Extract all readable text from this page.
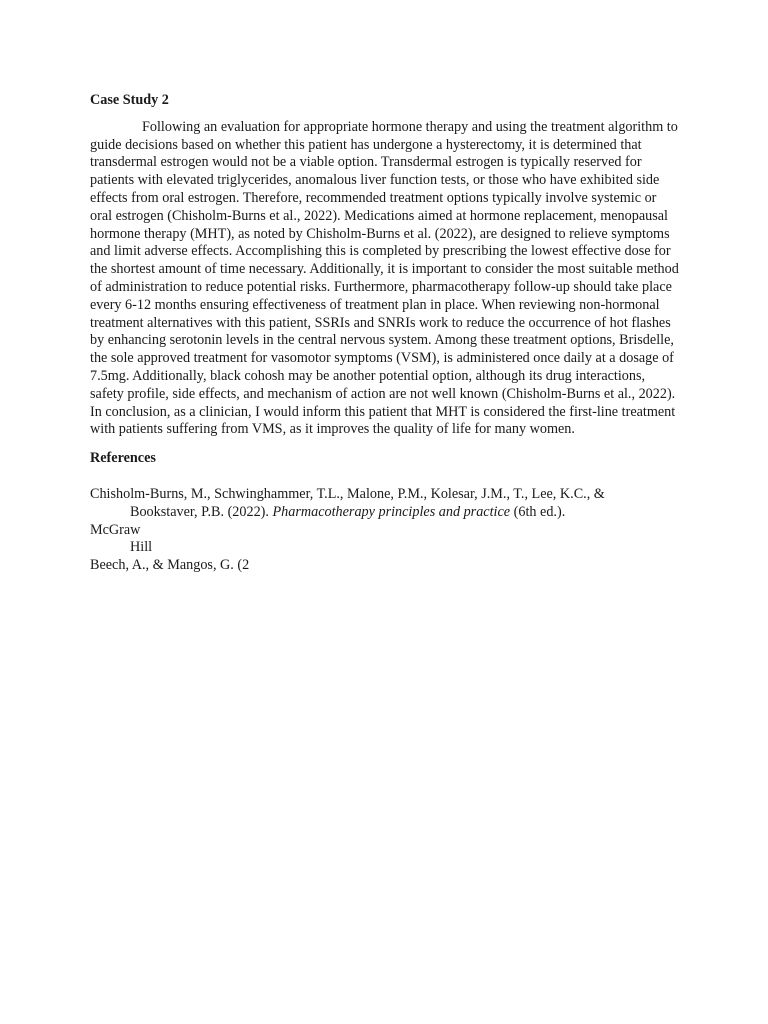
Case Study 2

Following an evaluation for appropriate hormone therapy and using the treatment algorithm to guide decisions based on whether this patient has undergone a hysterectomy, it is determined that transdermal estrogen would not be a viable option. Transdermal estrogen is typically reserved for patients with elevated triglycerides, anomalous liver function tests, or those who have exhibited side effects from oral estrogen. Therefore, recommended treatment options typically involve systemic or oral estrogen (Chisholm-Burns et al., 2022). Medications aimed at hormone replacement, menopausal hormone therapy (MHT), as noted by Chisholm-Burns et al. (2022), are designed to relieve symptoms and limit adverse effects. Accomplishing this is completed by prescribing the lowest effective dose for the shortest amount of time necessary. Additionally, it is important to consider the most suitable method of administration to reduce potential risks. Furthermore, pharmacotherapy follow-up should take place every 6-12 months ensuring effectiveness of treatment plan in place. When reviewing non-hormonal treatment alternatives with this patient, SSRIs and SNRIs work to reduce the occurrence of hot flashes by enhancing serotonin levels in the central nervous system. Among these treatment options, Brisdelle, the sole approved treatment for vasomotor symptoms (VSM), is administered once daily at a dosage of 7.5mg. Additionally, black cohosh may be another potential option, although its drug interactions, safety profile, side effects, and mechanism of action are not well known (Chisholm-Burns et al., 2022). In conclusion, as a clinician, I would inform this patient that MHT is considered the first-line treatment with patients suffering from VMS, as it improves the quality of life for many women.

References

Chisholm-Burns, M., Schwinghammer, T.L., Malone, P.M., Kolesar, J.M., T., Lee, K.C., &

Bookstaver, P.B. (2022). Pharmacotherapy principles and practice (6th ed.).

McGraw

Hill

Beech, A., & Mangos, G. (2
